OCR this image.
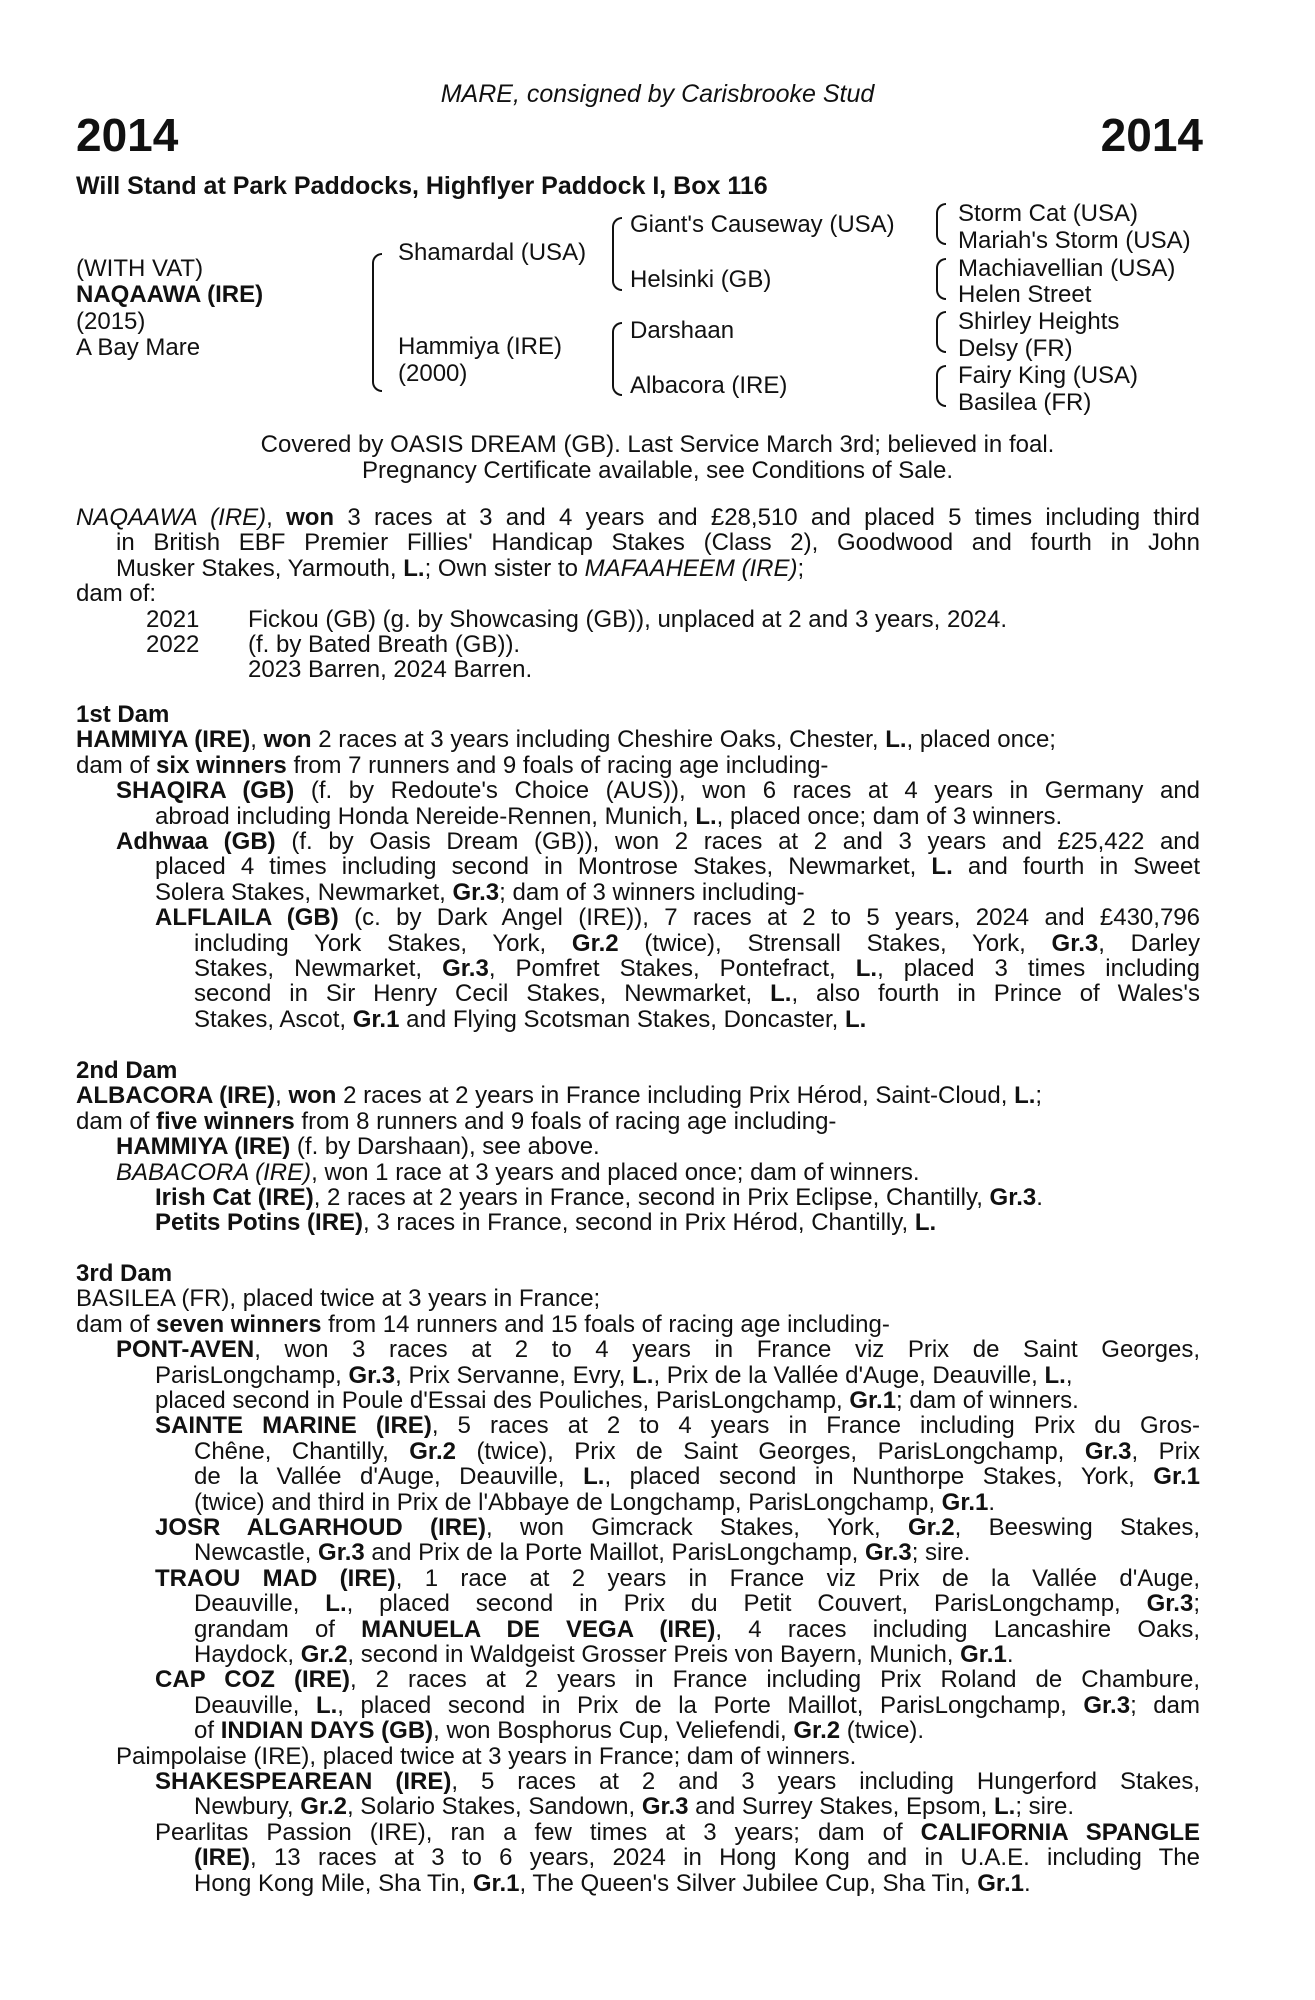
MARE, consigned by Carisbrooke Stud
2014	2014
Will Stand at Park Paddocks, Highflyer Paddock I, Box 116
(WITH VAT)
NAQAAWA (IRE)
(2015)
A Bay Mare
Shamardal (USA)
Hammiya (IRE)
(2000)
Giant's Causeway (USA)
Helsinki (GB)
Darshaan
Albacora (IRE)
Storm Cat (USA)
Mariah's Storm (USA)
Machiavellian (USA)
Helen Street
Shirley Heights
Delsy (FR)
Fairy King (USA)
Basilea (FR)
Covered by OASIS DREAM (GB). Last Service March 3rd; believed in foal.
Pregnancy Certificate available, see Conditions of Sale.
NAQAAWA (IRE), won 3 races at 3 and 4 years and £28,510 and placed 5 times including third
in British EBF Premier Fillies' Handicap Stakes (Class 2), Goodwood and fourth in John
Musker Stakes, Yarmouth, L.; Own sister to MAFAAHEEM (IRE);
dam of:
2021 Fickou (GB) (g. by Showcasing (GB)), unplaced at 2 and 3 years, 2024.
2022 (f. by Bated Breath (GB)).
2023 Barren, 2024 Barren.
1st Dam
HAMMIYA (IRE), won 2 races at 3 years including Cheshire Oaks, Chester, L., placed once;
dam of six winners from 7 runners and 9 foals of racing age including-
SHAQIRA (GB) (f. by Redoute's Choice (AUS)), won 6 races at 4 years in Germany and
abroad including Honda Nereide-Rennen, Munich, L., placed once; dam of 3 winners.
Adhwaa (GB) (f. by Oasis Dream (GB)), won 2 races at 2 and 3 years and £25,422 and
placed 4 times including second in Montrose Stakes, Newmarket, L. and fourth in Sweet
Solera Stakes, Newmarket, Gr.3; dam of 3 winners including-
ALFLAILA (GB) (c. by Dark Angel (IRE)), 7 races at 2 to 5 years, 2024 and £430,796
including York Stakes, York, Gr.2 (twice), Strensall Stakes, York, Gr.3, Darley
Stakes, Newmarket, Gr.3, Pomfret Stakes, Pontefract, L., placed 3 times including
second in Sir Henry Cecil Stakes, Newmarket, L., also fourth in Prince of Wales's
Stakes, Ascot, Gr.1 and Flying Scotsman Stakes, Doncaster, L.
2nd Dam
ALBACORA (IRE), won 2 races at 2 years in France including Prix Hérod, Saint-Cloud, L.;
dam of five winners from 8 runners and 9 foals of racing age including-
HAMMIYA (IRE) (f. by Darshaan), see above.
BABACORA (IRE), won 1 race at 3 years and placed once; dam of winners.
Irish Cat (IRE), 2 races at 2 years in France, second in Prix Eclipse, Chantilly, Gr.3.
Petits Potins (IRE), 3 races in France, second in Prix Hérod, Chantilly, L.
3rd Dam
BASILEA (FR), placed twice at 3 years in France;
dam of seven winners from 14 runners and 15 foals of racing age including-
PONT-AVEN, won 3 races at 2 to 4 years in France viz Prix de Saint Georges,
ParisLongchamp, Gr.3, Prix Servanne, Evry, L., Prix de la Vallée d'Auge, Deauville, L.,
placed second in Poule d'Essai des Pouliches, ParisLongchamp, Gr.1; dam of winners.
SAINTE MARINE (IRE), 5 races at 2 to 4 years in France including Prix du Gros-
Chêne, Chantilly, Gr.2 (twice), Prix de Saint Georges, ParisLongchamp, Gr.3, Prix
de la Vallée d'Auge, Deauville, L., placed second in Nunthorpe Stakes, York, Gr.1
(twice) and third in Prix de l'Abbaye de Longchamp, ParisLongchamp, Gr.1.
JOSR ALGARHOUD (IRE), won Gimcrack Stakes, York, Gr.2, Beeswing Stakes,
Newcastle, Gr.3 and Prix de la Porte Maillot, ParisLongchamp, Gr.3; sire.
TRAOU MAD (IRE), 1 race at 2 years in France viz Prix de la Vallée d'Auge,
Deauville, L., placed second in Prix du Petit Couvert, ParisLongchamp, Gr.3;
grandam of MANUELA DE VEGA (IRE), 4 races including Lancashire Oaks,
Haydock, Gr.2, second in Waldgeist Grosser Preis von Bayern, Munich, Gr.1.
CAP COZ (IRE), 2 races at 2 years in France including Prix Roland de Chambure,
Deauville, L., placed second in Prix de la Porte Maillot, ParisLongchamp, Gr.3; dam
of INDIAN DAYS (GB), won Bosphorus Cup, Veliefendi, Gr.2 (twice).
Paimpolaise (IRE), placed twice at 3 years in France; dam of winners.
SHAKESPEAREAN (IRE), 5 races at 2 and 3 years including Hungerford Stakes,
Newbury, Gr.2, Solario Stakes, Sandown, Gr.3 and Surrey Stakes, Epsom, L.; sire.
Pearlitas Passion (IRE), ran a few times at 3 years; dam of CALIFORNIA SPANGLE
(IRE), 13 races at 3 to 6 years, 2024 in Hong Kong and in U.A.E. including The
Hong Kong Mile, Sha Tin, Gr.1, The Queen's Silver Jubilee Cup, Sha Tin, Gr.1.
